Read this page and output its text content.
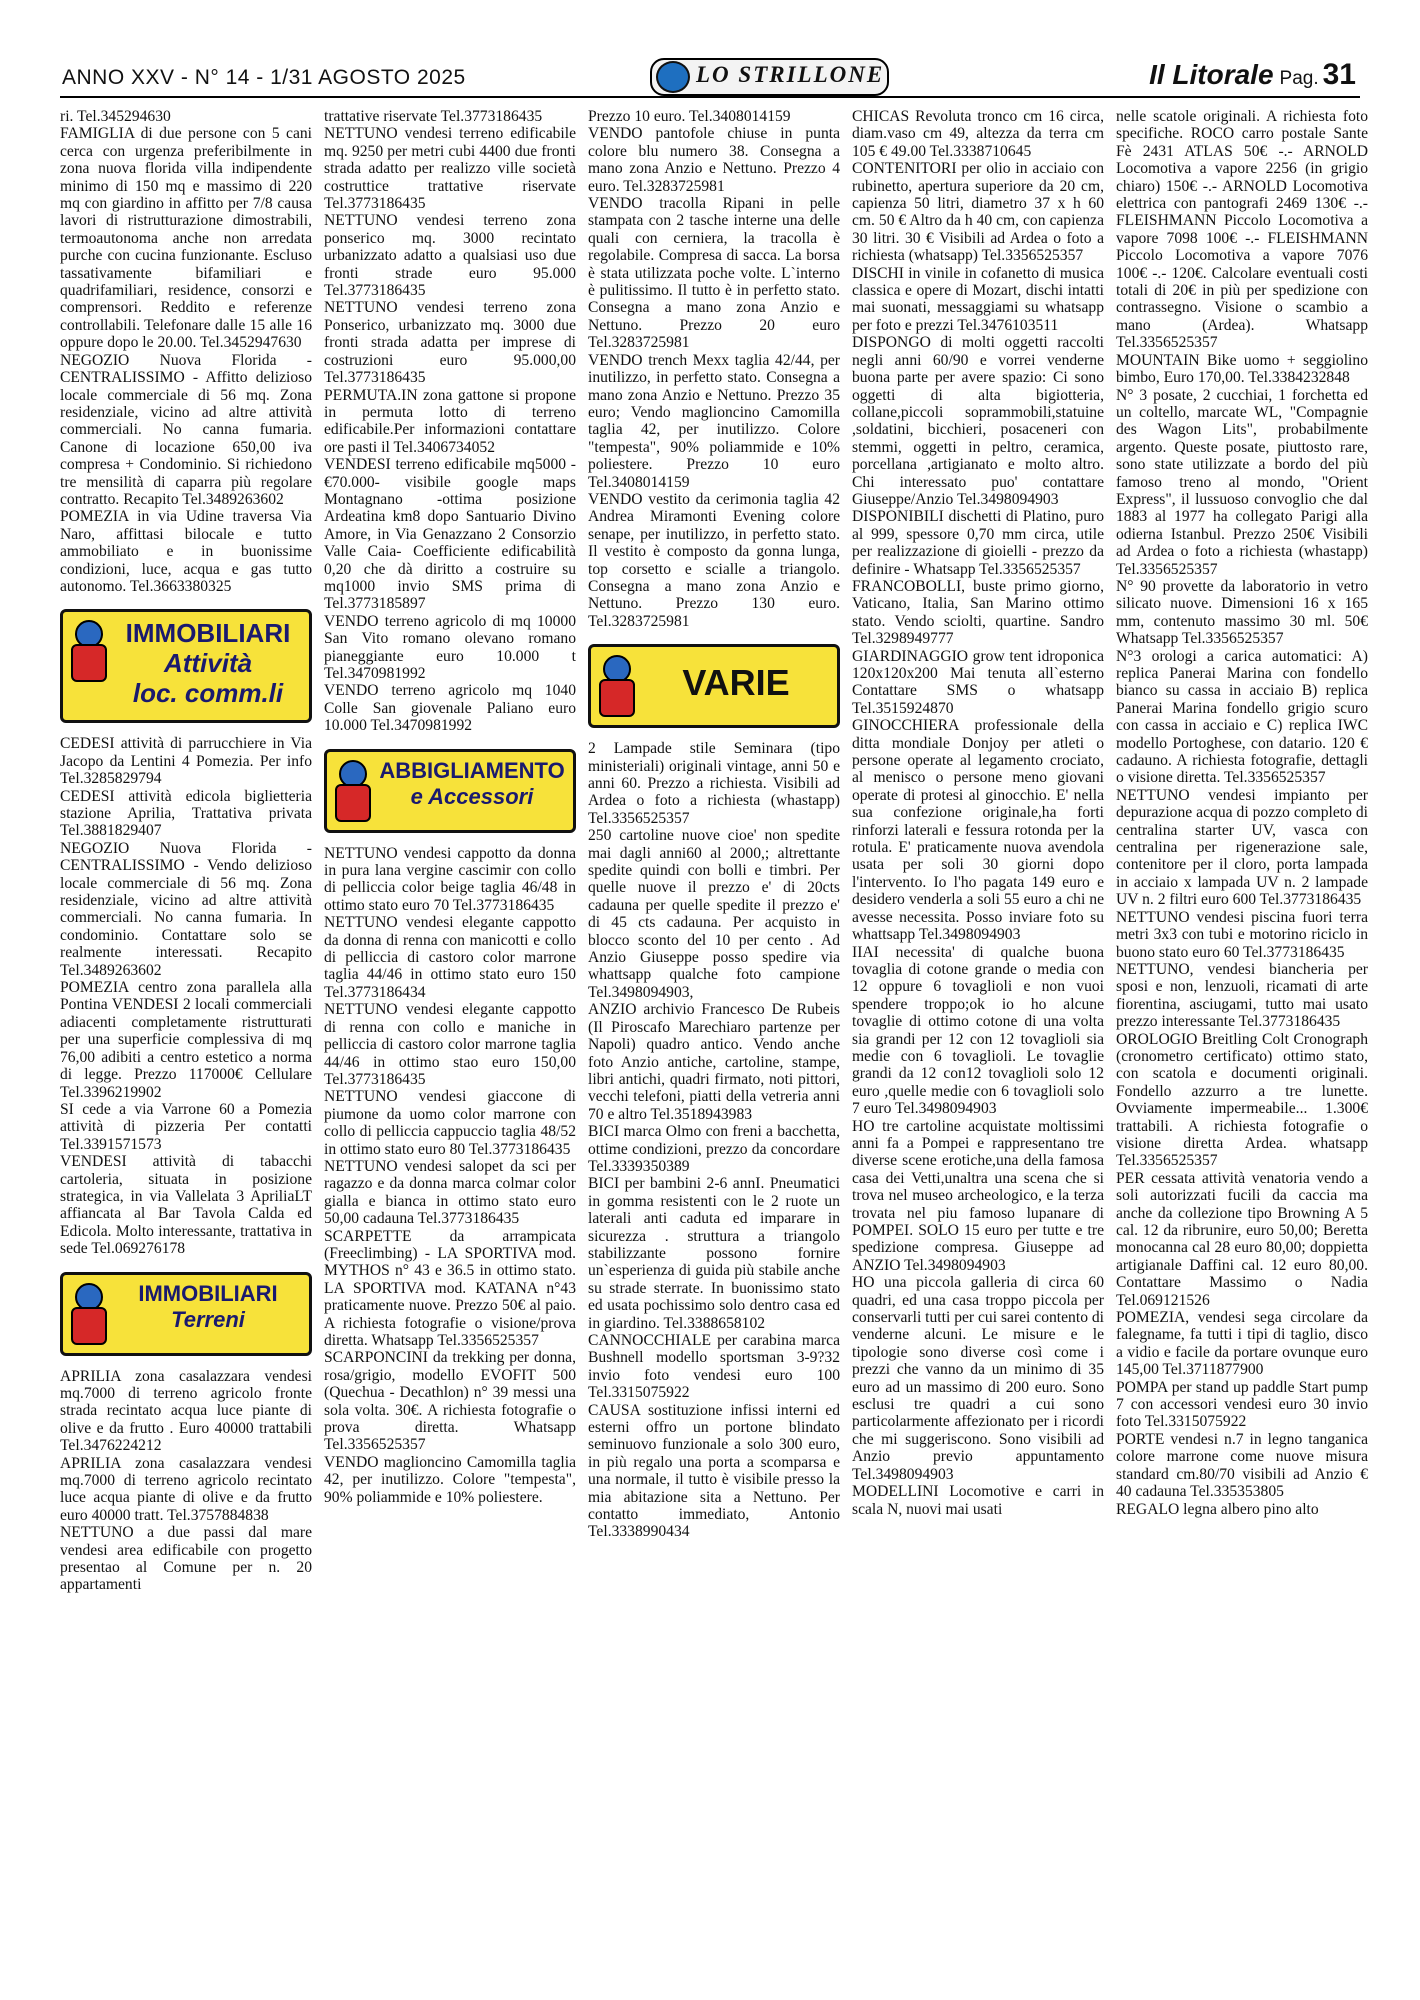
ANNO XXV - N° 14 - 1/31 AGOSTO 2025	LO STRILLONE	Il Litorale Pag. 31

ri. Tel.345294630

FAMIGLIA di due persone con 5 cani cerca con urgenza preferibilmente in zona nuova florida villa indipendente minimo di 150 mq e massimo di 220 mq con giardino in affitto per 7/8 causa lavori di ristrutturazione dimostrabili, termoautonoma anche non arredata purche con cucina funzionante. Escluso tassativamente bifamiliari e quadrifamiliari, residence, consorzi e comprensori. Reddito e referenze controllabili. Telefonare dalle 15 alle 16 oppure dopo le 20.00. Tel.3452947630

NEGOZIO Nuova Florida - CENTRALISSIMO - Affitto delizioso locale commerciale di 56 mq. Zona residenziale, vicino ad altre attività commerciali. No canna fumaria. Canone di locazione 650,00 iva compresa + Condominio. Si richiedono tre mensilità di caparra più regolare contratto. Recapito Tel.3489263602

POMEZIA in via Udine traversa Via Naro, affittasi bilocale e tutto ammobiliato e in buonissime condizioni, luce, acqua e gas tutto autonomo. Tel.3663380325

IMMOBILIARI
Attività
loc. comm.li

CEDESI attività di parrucchiere in Via Jacopo da Lentini 4 Pomezia. Per info Tel.3285829794

CEDESI attività edicola biglietteria stazione Aprilia, Trattativa privata Tel.3881829407

NEGOZIO Nuova Florida - CENTRALISSIMO - Vendo delizioso locale commerciale di 56 mq. Zona residenziale, vicino ad altre attività commerciali. No canna fumaria. In condominio. Contattare solo se realmente interessati. Recapito Tel.3489263602

POMEZIA centro zona parallela alla Pontina VENDESI 2 locali commerciali adiacenti completamente ristrutturati per una superficie complessiva di mq 76,00 adibiti a centro estetico a norma di legge. Prezzo 117000€ Cellulare Tel.3396219902

SI cede a via Varrone 60 a Pomezia attività di pizzeria Per contatti Tel.3391571573

VENDESI attività di tabacchi cartoleria, situata in posizione strategica, in via Vallelata 3 ApriliaLT affiancata al Bar Tavola Calda ed Edicola. Molto interessante, trattativa in sede Tel.069276178

IMMOBILIARI
Terreni

APRILIA zona casalazzara vendesi mq.7000 di terreno agricolo fronte strada recintato acqua luce piante di olive e da frutto . Euro 40000 trattabili Tel.3476224212

APRILIA zona casalazzara vendesi mq.7000 di terreno agricolo recintato luce acqua piante di olive e da frutto euro 40000 tratt. Tel.3757884838

NETTUNO a due passi dal mare vendesi area edificabile con progetto presentao al Comune per n. 20 appartamenti

trattative riservate Tel.3773186435

NETTUNO vendesi terreno edificabile mq. 9250 per metri cubi 4400 due fronti strada adatto per realizzo ville società costruttice trattative riservate Tel.3773186435

NETTUNO vendesi terreno zona ponserico mq. 3000 recintato urbanizzato adatto a qualsiasi uso due fronti strade euro 95.000 Tel.3773186435

NETTUNO vendesi terreno zona Ponserico, urbanizzato mq. 3000 due fronti strada adatta per imprese di costruzioni euro 95.000,00 Tel.3773186435

PERMUTA.IN zona gattone si propone in permuta lotto di terreno edificabile.Per informazioni contattare ore pasti il Tel.3406734052

VENDESI terreno edificabile mq5000 -€70.000- visibile google maps Montagnano -ottima posizione Ardeatina km8 dopo Santuario Divino Amore, in Via Genazzano 2 Consorzio Valle Caia- Coefficiente edificabilità 0,20 che dà diritto a costruire su mq1000 invio SMS prima di Tel.3773185897

VENDO terreno agricolo di mq 10000 San Vito romano olevano romano pianeggiante euro 10.000 t Tel.3470981992

VENDO terreno agricolo mq 1040 Colle San giovenale Paliano euro 10.000 Tel.3470981992

ABBIGLIAMENTO
e Accessori

NETTUNO vendesi cappotto da donna in pura lana vergine cascimir con collo di pelliccia color beige taglia 46/48 in ottimo stato euro 70 Tel.3773186435

NETTUNO vendesi elegante cappotto da donna di renna con manicotti e collo di pelliccia di castoro color marrone taglia 44/46 in ottimo stato euro 150 Tel.3773186434

NETTUNO vendesi elegante cappotto di renna con collo e maniche in pelliccia di castoro color marrone taglia 44/46 in ottimo stao euro 150,00 Tel.3773186435

NETTUNO vendesi giaccone di piumone da uomo color marrone con collo di pelliccia cappuccio taglia 48/52 in ottimo stato euro 80 Tel.3773186435

NETTUNO vendesi salopet da sci per ragazzo e da donna marca colmar color gialla e bianca in ottimo stato euro 50,00 cadauna Tel.3773186435

SCARPETTE da arrampicata (Freeclimbing) - LA SPORTIVA mod. MYTHOS n° 43 e 36.5 in ottimo stato. LA SPORTIVA mod. KATANA n°43 praticamente nuove. Prezzo 50€ al paio. A richiesta fotografie o visione/prova diretta. Whatsapp Tel.3356525357

SCARPONCINI da trekking per donna, rosa/grigio, modello EVOFIT 500 (Quechua - Decathlon) n° 39 messi una sola volta. 30€. A richiesta fotografie o prova diretta. Whatsapp Tel.3356525357

VENDO maglioncino Camomilla taglia 42, per inutilizzo. Colore "tempesta", 90% poliammide e 10% poliestere.

Prezzo 10 euro. Tel.3408014159

VENDO pantofole chiuse in punta colore blu numero 38. Consegna a mano zona Anzio e Nettuno. Prezzo 4 euro. Tel.3283725981

VENDO tracolla Ripani in pelle stampata con 2 tasche interne una delle quali con cerniera, la tracolla è regolabile. Compresa di sacca. La borsa è stata utilizzata poche volte. L`interno è pulitissimo. Il tutto è in perfetto stato. Consegna a mano zona Anzio e Nettuno. Prezzo 20 euro Tel.3283725981

VENDO trench Mexx taglia 42/44, per inutilizzo, in perfetto stato. Consegna a mano zona Anzio e Nettuno. Prezzo 35 euro; Vendo maglioncino Camomilla taglia 42, per inutilizzo. Colore "tempesta", 90% poliammide e 10% poliestere. Prezzo 10 euro Tel.3408014159

VENDO vestito da cerimonia taglia 42 Andrea Miramonti Evening colore senape, per inutilizzo, in perfetto stato. Il vestito è composto da gonna lunga, top corsetto e scialle a triangolo. Consegna a mano zona Anzio e Nettuno. Prezzo 130 euro. Tel.3283725981

VARIE

2 Lampade stile Seminara (tipo ministeriali) originali vintage, anni 50 e anni 60. Prezzo a richiesta. Visibili ad Ardea o foto a richiesta (whastapp) Tel.3356525357

250 cartoline nuove cioe' non spedite mai dagli anni60 al 2000,; altrettante spedite quindi con bolli e timbri. Per quelle nuove il prezzo e' di 20cts cadauna per quelle spedite il prezzo e' di 45 cts cadauna. Per acquisto in blocco sconto del 10 per cento . Ad Anzio Giuseppe posso spedire via whattsapp qualche foto campione Tel.3498094903,

ANZIO archivio Francesco De Rubeis (Il Piroscafo Marechiaro partenze per Napoli) quadro antico. Vendo anche foto Anzio antiche, cartoline, stampe, libri antichi, quadri firmato, noti pittori, vecchi telefoni, piatti della vetreria anni 70 e altro Tel.3518943983

BICI marca Olmo con freni a bacchetta, ottime condizioni, prezzo da concordare Tel.3339350389

BICI per bambini 2-6 annI. Pneumatici in gomma resistenti con le 2 ruote un laterali anti caduta ed imparare in sicurezza . struttura a triangolo stabilizzante possono fornire un`esperienza di guida più stabile anche su strade sterrate. In buonissimo stato ed usata pochissimo solo dentro casa ed in giardino. Tel.3388658102

CANNOCCHIALE per carabina marca Bushnell modello sportsman 3-9?32 invio foto vendesi euro 100 Tel.3315075922

CAUSA sostituzione infissi interni ed esterni offro un portone blindato seminuovo funzionale a solo 300 euro, in più regalo una porta a scomparsa e una normale, il tutto è visibile presso la mia abitazione sita a Nettuno. Per contatto immediato, Antonio Tel.3338990434

CHICAS Revoluta tronco cm 16 circa, diam.vaso cm 49, altezza da terra cm 105 € 49.00 Tel.3338710645

CONTENITORI per olio in acciaio con rubinetto, apertura superiore da 20 cm, capienza 50 litri, diametro 37 x h 60 cm. 50 € Altro da h 40 cm, con capienza 30 litri. 30 € Visibili ad Ardea o foto a richiesta (whatsapp) Tel.3356525357

DISCHI in vinile in cofanetto di musica classica e opere di Mozart, dischi intatti mai suonati, messaggiami su whatsapp per foto e prezzi Tel.3476103511

DISPONGO di molti oggetti raccolti negli anni 60/90 e vorrei venderne buona parte per avere spazio: Ci sono oggetti di alta bigiotteria, collane,piccoli soprammobili,statuine ,soldatini, bicchieri, posaceneri con stemmi, oggetti in peltro, ceramica, porcellana ,artigianato e molto altro. Chi interessato puo' contattare Giuseppe/Anzio Tel.3498094903

DISPONIBILI dischetti di Platino, puro al 999, spessore 0,70 mm circa, utile per realizzazione di gioielli - prezzo da definire - Whatsapp Tel.3356525357

FRANCOBOLLI, buste primo giorno, Vaticano, Italia, San Marino ottimo stato. Vendo sciolti, quartine. Sandro Tel.3298949777

GIARDINAGGIO grow tent idroponica 120x120x200 Mai tenuta all`esterno Contattare SMS o whatsapp Tel.3515924870

GINOCCHIERA professionale della ditta mondiale Donjoy per atleti o persone operate al legamento crociato, al menisco o persone meno giovani operate di protesi al ginocchio. E' nella sua confezione originale,ha forti rinforzi laterali e fessura rotonda per la rotula. E' praticamente nuova avendola usata per soli 30 giorni dopo l'intervento. Io l'ho pagata 149 euro e desidero venderla a soli 55 euro a chi ne avesse necessita. Posso inviare foto su whattsapp Tel.3498094903

IIAI necessita' di qualche buona tovaglia di cotone grande o media con 12 oppure 6 tovaglioli e non vuoi spendere troppo;ok io ho alcune tovaglie di ottimo cotone di una volta sia grandi per 12 con 12 tovaglioli sia medie con 6 tovaglioli. Le tovaglie grandi da 12 con12 tovaglioli solo 12 euro ,quelle medie con 6 tovaglioli solo 7 euro Tel.3498094903

HO tre cartoline acquistate moltissimi anni fa a Pompei e rappresentano tre diverse scene erotiche,una della famosa casa dei Vetti,unaltra una scena che si trova nel museo archeologico, e la terza trovata nel piu famoso lupanare di POMPEI. SOLO 15 euro per tutte e tre spedizione compresa. Giuseppe ad ANZIO Tel.3498094903

HO una piccola galleria di circa 60 quadri, ed una casa troppo piccola per conservarli tutti per cui sarei contento di venderne alcuni. Le misure e le tipologie sono diverse così come i prezzi che vanno da un minimo di 35 euro ad un massimo di 200 euro. Sono esclusi tre quadri a cui sono particolarmente affezionato per i ricordi che mi suggeriscono. Sono visibili ad Anzio previo appuntamento Tel.3498094903

MODELLINI Locomotive e carri in scala N, nuovi mai usati

nelle scatole originali. A richiesta foto specifiche. ROCO carro postale Sante Fè 2431 ATLAS 50€ -.- ARNOLD Locomotiva a vapore 2256 (in grigio chiaro) 150€ -.- ARNOLD Locomotiva elettrica con pantografi 2469 130€ -.- FLEISHMANN Piccolo Locomotiva a vapore 7098 100€ -.- FLEISHMANN Piccolo Locomotiva a vapore 7076 100€ -.- 120€. Calcolare eventuali costi totali di 20€ in più per spedizione con contrassegno. Visione o scambio a mano (Ardea). Whatsapp Tel.3356525357

MOUNTAIN Bike uomo + seggiolino bimbo, Euro 170,00. Tel.3384232848

N° 3 posate, 2 cucchiai, 1 forchetta ed un coltello, marcate WL, "Compagnie des Wagon Lits", probabilmente argento. Queste posate, piuttosto rare, sono state utilizzate a bordo del più famoso treno al mondo, "Orient Express", il lussuoso convoglio che dal 1883 al 1977 ha collegato Parigi alla odierna Istanbul. Prezzo 250€ Visibili ad Ardea o foto a richiesta (whastapp) Tel.3356525357

N° 90 provette da laboratorio in vetro silicato nuove. Dimensioni 16 x 165 mm, contenuto massimo 30 ml. 50€ Whatsapp Tel.3356525357

N°3 orologi a carica automatici: A) replica Panerai Marina con fondello bianco su cassa in acciaio B) replica Panerai Marina fondello grigio scuro con cassa in acciaio e C) replica IWC modello Portoghese, con datario. 120 € cadauno. A richiesta fotografie, dettagli o visione diretta. Tel.3356525357

NETTUNO vendesi impianto per depurazione acqua di pozzo completo di centralina starter UV, vasca con centralina per rigenerazione sale, contenitore per il cloro, porta lampada in acciaio x lampada UV n. 2 lampade UV n. 2 filtri euro 600 Tel.3773186435

NETTUNO vendesi piscina fuori terra metri 3x3 con tubi e motorino riciclo in buono stato euro 60 Tel.3773186435

NETTUNO, vendesi biancheria per sposi e non, lenzuoli, ricamati di arte fiorentina, asciugami, tutto mai usato prezzo interessante Tel.3773186435

OROLOGIO Breitling Colt Cronograph (cronometro certificato) ottimo stato, con scatola e documenti originali. Fondello azzurro a tre lunette. Ovviamente impermeabile... 1.300€ trattabili. A richiesta fotografie o visione diretta Ardea. whatsapp Tel.3356525357

PER cessata attività venatoria vendo a soli autorizzati fucili da caccia ma anche da collezione tipo Browning A 5 cal. 12 da ribrunire, euro 50,00; Beretta monocanna cal 28 euro 80,00; doppietta artigianale Daffini cal. 12 euro 80,00. Contattare Massimo o Nadia Tel.069121526

POMEZIA, vendesi sega circolare da falegname, fa tutti i tipi di taglio, disco a vidio e facile da portare ovunque euro 145,00 Tel.3711877900

POMPA per stand up paddle Start pump 7 con accessori vendesi euro 30 invio foto Tel.3315075922

PORTE vendesi n.7 in legno tanganica colore marrone come nuove misura standard cm.80/70 visibili ad Anzio € 40 cadauna Tel.335353805

REGALO legna albero pino alto
